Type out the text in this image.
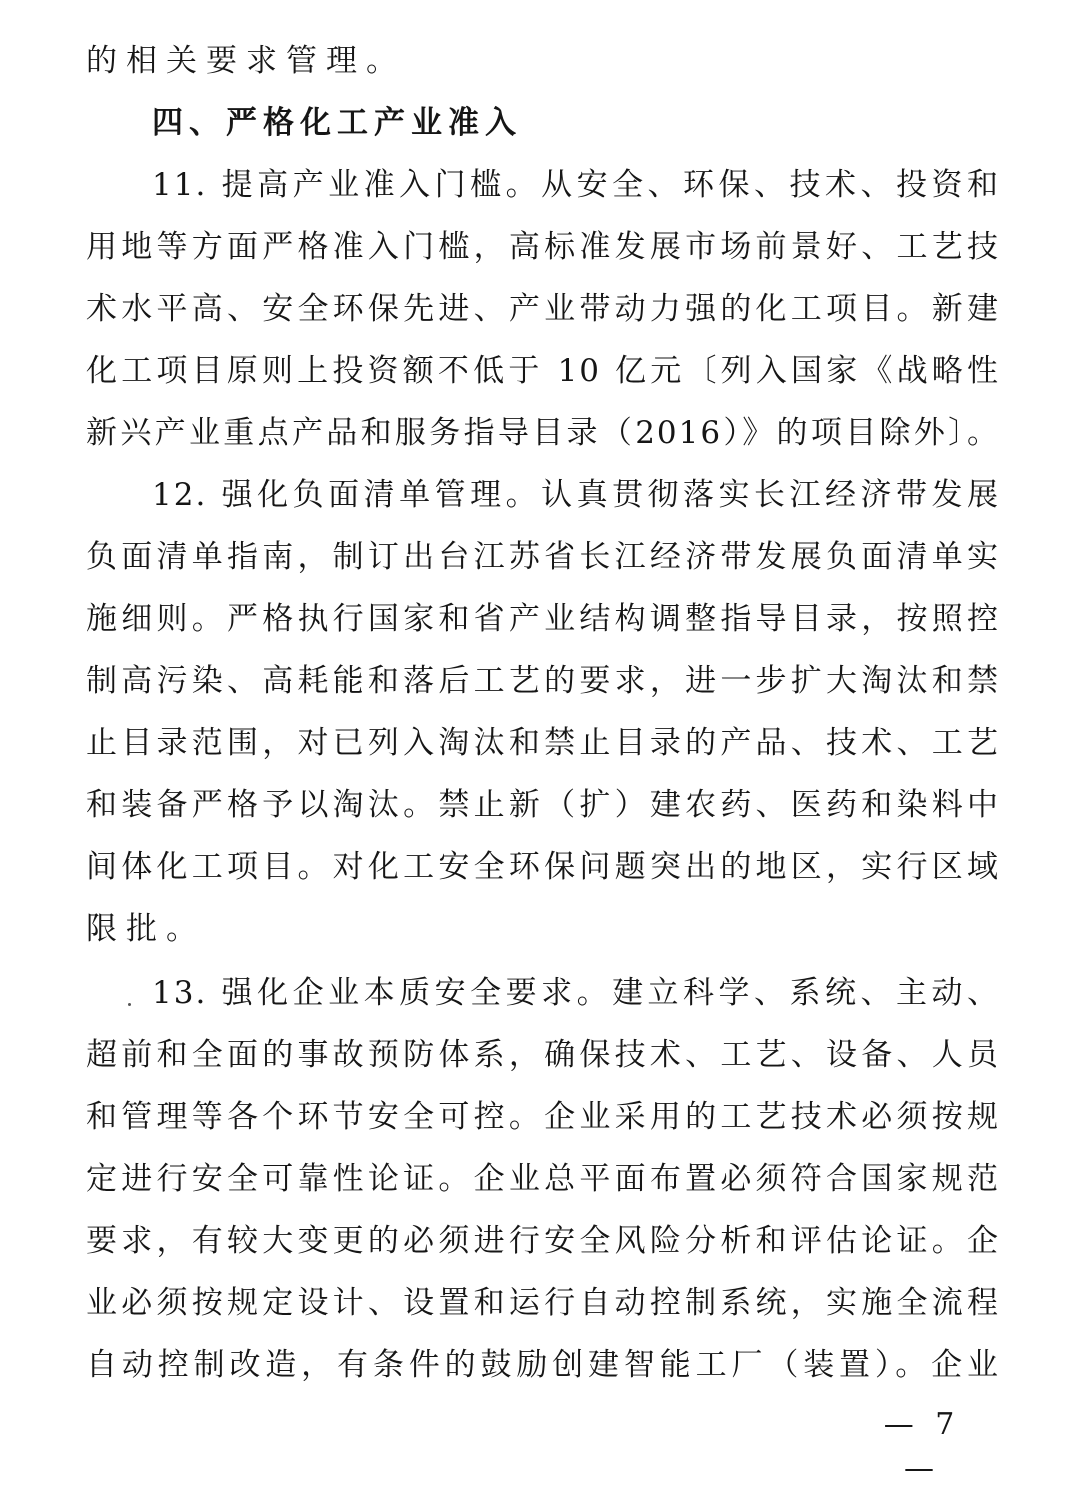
的相关要求管理。
四、严格化工产业准入
11. 提高产业准入门槛。从安全、环保、技术、投资和
用地等方面严格准入门槛，高标准发展市场前景好、工艺技
术水平高、安全环保先进、产业带动力强的化工项目。新建
化工项目原则上投资额不低于 10 亿元〔列入国家《战略性
新兴产业重点产品和服务指导目录（2016）》的项目除外〕。
12. 强化负面清单管理。认真贯彻落实长江经济带发展
负面清单指南，制订出台江苏省长江经济带发展负面清单实
施细则。严格执行国家和省产业结构调整指导目录，按照控
制高污染、高耗能和落后工艺的要求，进一步扩大淘汰和禁
止目录范围，对已列入淘汰和禁止目录的产品、技术、工艺
和装备严格予以淘汰。禁止新（扩）建农药、医药和染料中
间体化工项目。对化工安全环保问题突出的地区，实行区域
限批。
13. 强化企业本质安全要求。建立科学、系统、主动、
超前和全面的事故预防体系，确保技术、工艺、设备、人员
和管理等各个环节安全可控。企业采用的工艺技术必须按规
定进行安全可靠性论证。企业总平面布置必须符合国家规范
要求，有较大变更的必须进行安全风险分析和评估论证。企
业必须按规定设计、设置和运行自动控制系统，实施全流程
自动控制改造，有条件的鼓励创建智能工厂（装置）。企业
— 7 —
